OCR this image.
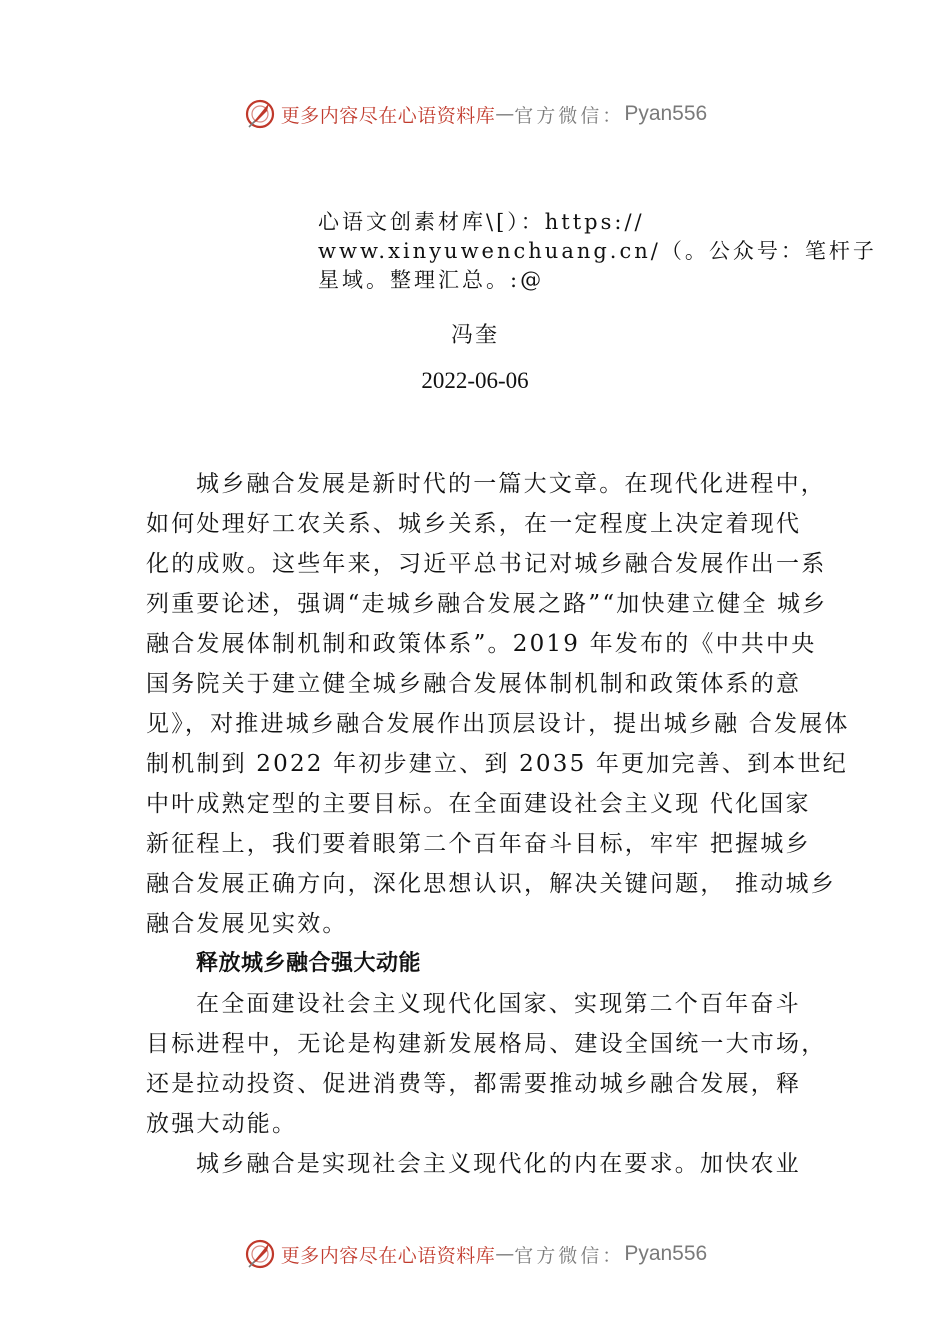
更多内容尽在心语资料库 — 官方微信： Pyan556
心语文创素材库\[）：https://
www.xinyuwenchuang.cn/（。公众号：笔杆子
星域。整理汇总。:@
冯奎
2022-06-06
城乡融合发展是新时代的一篇大文章。在现代化进程中，
如何处理好工农关系、城乡关系，在一定程度上决定着现代
化的成败。这些年来，习近平总书记对城乡融合发展作出一系
列重要论述，强调“走城乡融合发展之路”“加快建立健全 城乡
融合发展体制机制和政策体系”。2019 年发布的《中共中央
国务院关于建立健全城乡融合发展体制机制和政策体系的意
见》，对推进城乡融合发展作出顶层设计，提出城乡融 合发展体
制机制到 2022 年初步建立、到 2035 年更加完善、到本世纪
中叶成熟定型的主要目标。在全面建设社会主义现 代化国家
新征程上，我们要着眼第二个百年奋斗目标，牢牢 把握城乡
融合发展正确方向，深化思想认识，解决关键问题， 推动城乡
融合发展见实效。
释放城乡融合强大动能
在全面建设社会主义现代化国家、实现第二个百年奋斗
目标进程中，无论是构建新发展格局、建设全国统一大市场，
还是拉动投资、促进消费等，都需要推动城乡融合发展，释
放强大动能。
城乡融合是实现社会主义现代化的内在要求。加快农业
更多内容尽在心语资料库 — 官方微信： Pyan556
